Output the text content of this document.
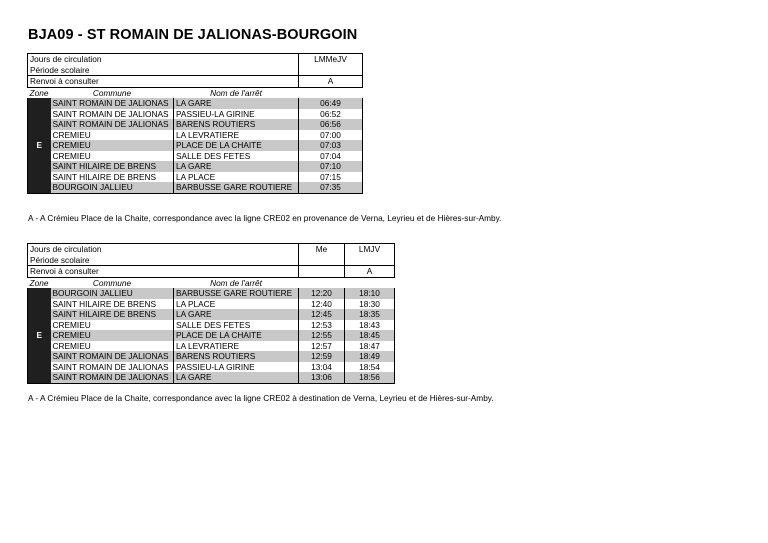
BJA09 - ST ROMAIN DE JALIONAS-BOURGOIN
Jours de circulation			LMMeJV
Période scolaire			
Renvoi à consulter			A
Zone	Commune	Nom de l'arrêt	
E	SAINT ROMAIN DE JALIONAS	LA GARE	06:49
	SAINT ROMAIN DE JALIONAS	PASSIEU-LA GIRINE	06:52
	SAINT ROMAIN DE JALIONAS	BARENS ROUTIERS	06:56
	CREMIEU	LA LEVRATIERE	07:00
	CREMIEU	PLACE DE LA CHAITE	07:03
	CREMIEU	SALLE DES FETES	07:04
	SAINT HILAIRE DE BRENS	LA GARE	07:10
	SAINT HILAIRE DE BRENS	LA PLACE	07:15
	BOURGOIN JALLIEU	BARBUSSE GARE ROUTIERE	07:35
A - A Crémieu Place de la Chaite, correspondance avec la ligne CRE02 en provenance de Verna, Leyrieu et de Hières-sur-Amby.
Jours de circulation			Me	LMJV
Période scolaire				
Renvoi à consulter				A
Zone	Commune	Nom de l'arrêt		
E	BOURGOIN JALLIEU	BARBUSSE GARE ROUTIERE	12:20	18:10
	SAINT HILAIRE DE BRENS	LA PLACE	12:40	18:30
	SAINT HILAIRE DE BRENS	LA GARE	12:45	18:35
	CREMIEU	SALLE DES FETES	12:53	18:43
	CREMIEU	PLACE DE LA CHAITE	12:55	18:45
	CREMIEU	LA LEVRATIERE	12:57	18:47
	SAINT ROMAIN DE JALIONAS	BARENS ROUTIERS	12:59	18:49
	SAINT ROMAIN DE JALIONAS	PASSIEU-LA GIRINE	13:04	18:54
	SAINT ROMAIN DE JALIONAS	LA GARE	13:06	18:56
A - A Crémieu Place de la Chaite, correspondance avec la ligne CRE02 à destination de Verna, Leyrieu et de Hières-sur-Amby.
